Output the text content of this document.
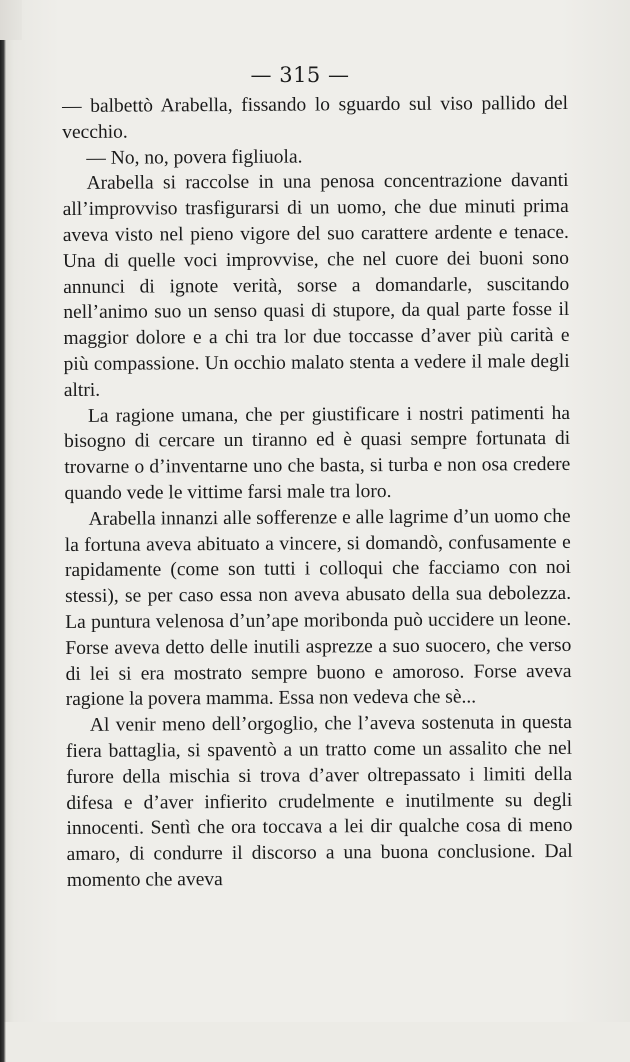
— 315 —

— balbettò Arabella, fissando lo sguardo sul viso pallido del vecchio.

— No, no, povera figliuola.

Arabella si raccolse in una penosa concentrazione davanti all’improvviso trasfigurarsi di un uomo, che due minuti prima aveva visto nel pieno vigore del suo carattere ardente e tenace. Una di quelle voci improvvise, che nel cuore dei buoni sono annunci di ignote verità, sorse a domandarle, suscitando nell’animo suo un senso quasi di stupore, da qual parte fosse il maggior dolore e a chi tra lor due toccasse d’aver più carità e più compassione. Un occhio malato stenta a vedere il male degli altri.

La ragione umana, che per giustificare i nostri patimenti ha bisogno di cercare un tiranno ed è quasi sempre fortunata di trovarne o d’inventarne uno che basta, si turba e non osa credere quando vede le vittime farsi male tra loro.

Arabella innanzi alle sofferenze e alle lagrime d’un uomo che la fortuna aveva abituato a vincere, si domandò, confusamente e rapidamente (come son tutti i colloqui che facciamo con noi stessi), se per caso essa non aveva abusato della sua debolezza. La puntura velenosa d’un’ape moribonda può uccidere un leone. Forse aveva detto delle inutili asprezze a suo suocero, che verso di lei si era mostrato sempre buono e amoroso. Forse aveva ragione la povera mamma. Essa non vedeva che sè...

Al venir meno dell’orgoglio, che l’aveva sostenuta in questa fiera battaglia, si spaventò a un tratto come un assalito che nel furore della mischia si trova d’aver oltrepassato i limiti della difesa e d’aver infierito crudelmente e inutilmente su degli innocenti. Sentì che ora toccava a lei dir qualche cosa di meno amaro, di condurre il discorso a una buona conclusione. Dal momento che aveva
